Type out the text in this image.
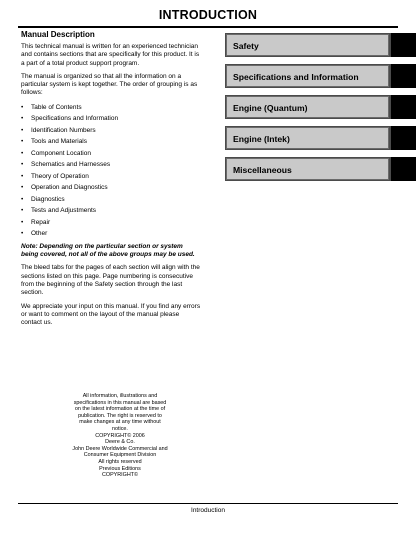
INTRODUCTION
Manual Description

This technical manual is written for an experienced technician and contains sections that are specifically for this product. It is a part of a total product support program.

The manual is organized so that all the information on a particular system is kept together. The order of grouping is as follows:

• Table of Contents
• Specifications and Information
• Identification Numbers
• Tools and Materials
• Component Location
• Schematics and Harnesses
• Theory of Operation
• Operation and Diagnostics
• Diagnostics
• Tests and Adjustments
• Repair
• Other

Note: Depending on the particular section or system being covered, not all of the above groups may be used.

The bleed tabs for the pages of each section will align with the sections listed on this page. Page numbering is consecutive from the beginning of the Safety section through the last section.

We appreciate your input on this manual. If you find any errors or want to comment on the layout of the manual please contact us.

Safety
Specifications and Information
Engine (Quantum)
Engine (Intek)
Miscellaneous
All information, illustrations and
specifications in this manual are based
on the latest information at the time of
publication. The right is reserved to
make changes at any time without
notice.
COPYRIGHT© 2006
Deere & Co.
John Deere Worldwide Commercial and
Consumer Equipment Division
All rights reserved
Previous Editions
COPYRIGHT©
Introduction
